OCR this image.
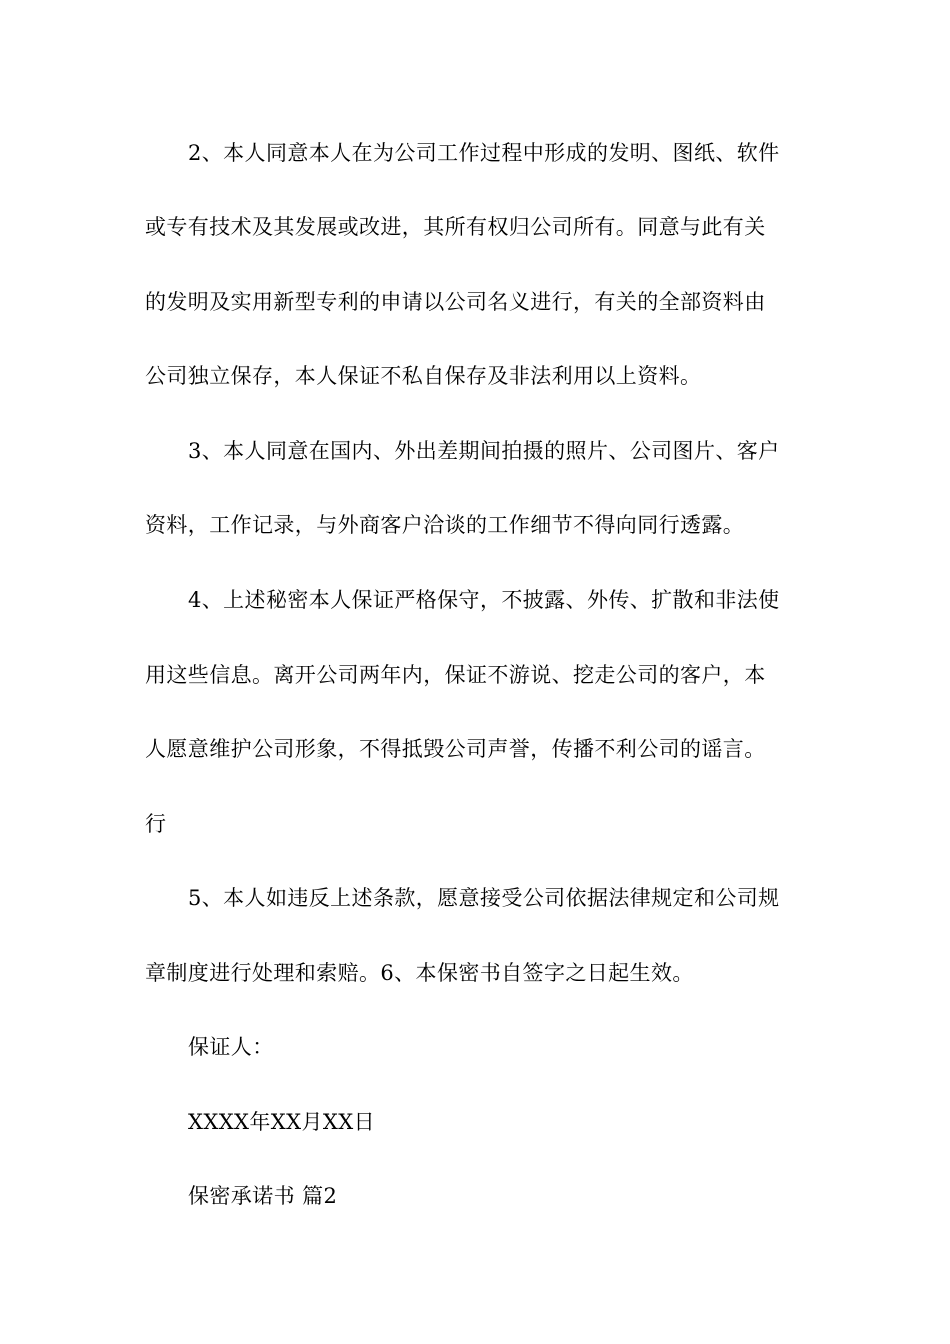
2、本人同意本人在为公司工作过程中形成的发明、图纸、软件
或专有技术及其发展或改进，其所有权归公司所有。同意与此有关
的发明及实用新型专利的申请以公司名义进行，有关的全部资料由
公司独立保存，本人保证不私自保存及非法利用以上资料。
3、本人同意在国内、外出差期间拍摄的照片、公司图片、客户
资料，工作记录，与外商客户洽谈的工作细节不得向同行透露。
4、上述秘密本人保证严格保守，不披露、外传、扩散和非法使
用这些信息。离开公司两年内，保证不游说、挖走公司的客户，本
人愿意维护公司形象，不得抵毁公司声誉，传播不利公司的谣言。
行
5、本人如违反上述条款，愿意接受公司依据法律规定和公司规
章制度进行处理和索赔。6、本保密书自签字之日起生效。
保证人：
XXXX年XX月XX日
保密承诺书 篇2
